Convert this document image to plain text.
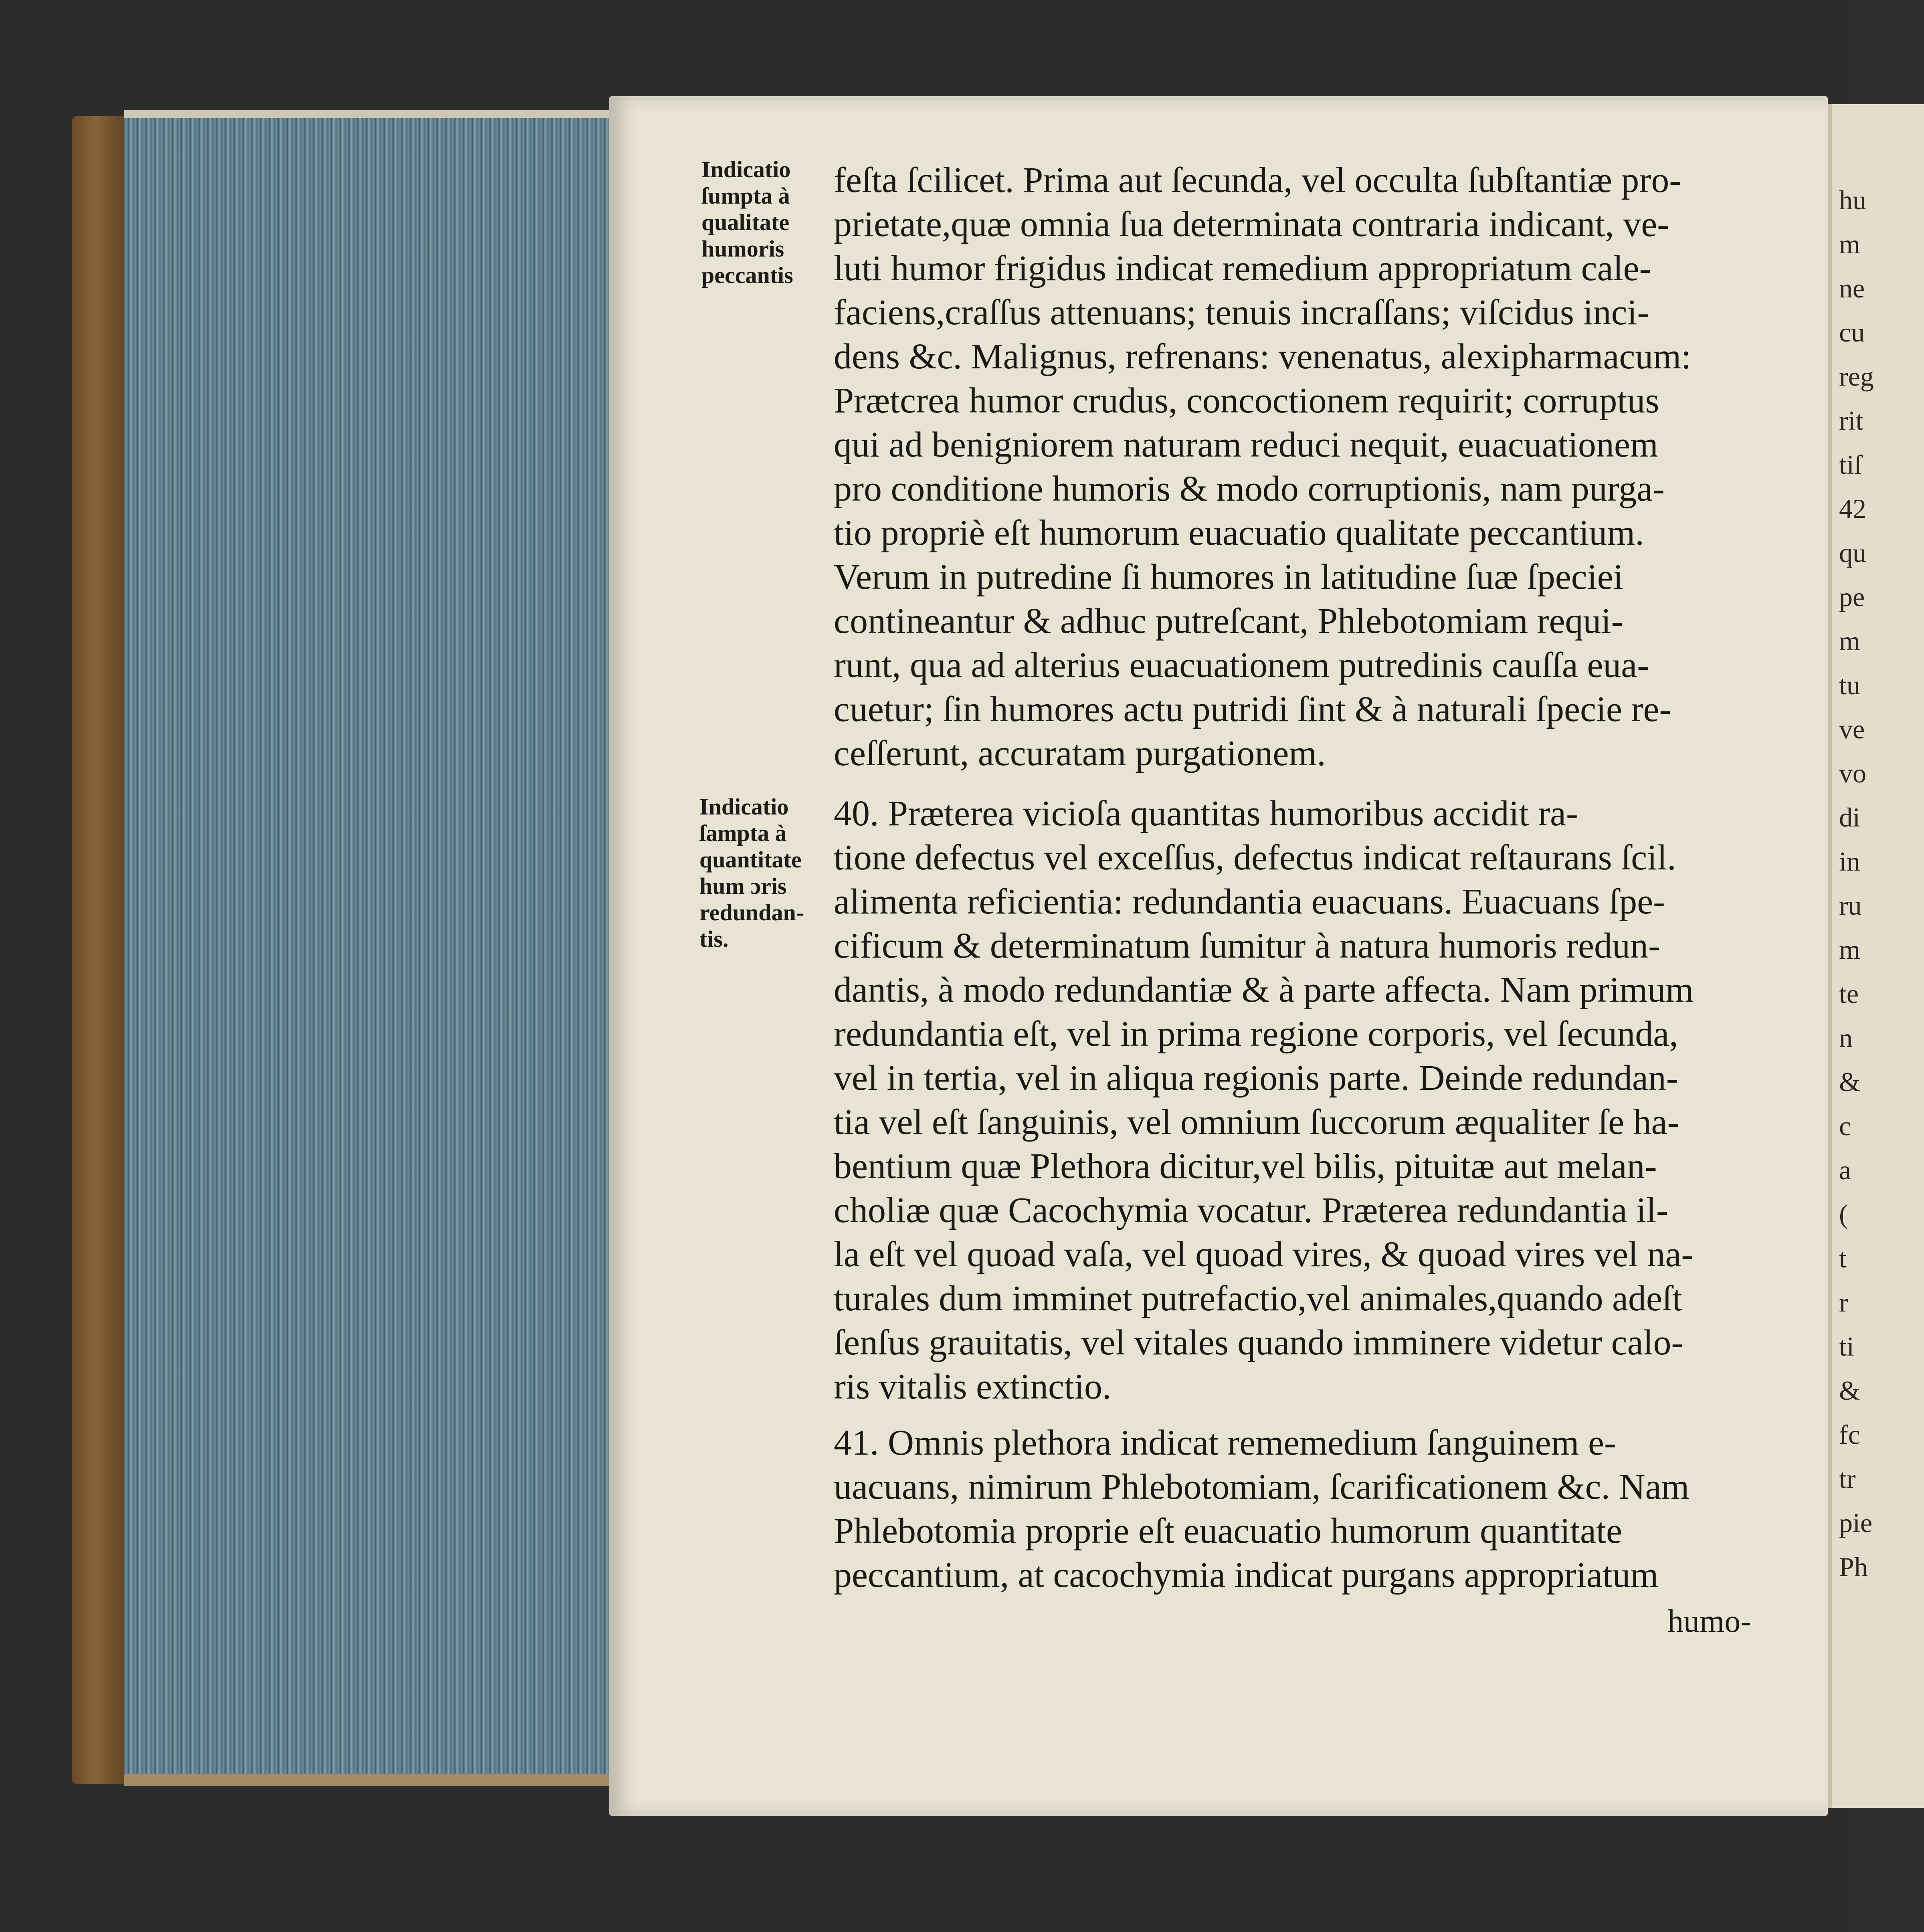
Indicatio
ſumpta à
qualitate
humoris
peccantis
Indicatio
ſampta à
quantitate
hum ɔris
redundan-
tis.
feſta ſcilicet. Prima aut ſecunda, vel occulta ſubſtantiæ pro-
prietate,quæ omnia ſua determinata contraria indicant, ve-
luti humor frigidus indicat remedium appropriatum cale-
faciens,craſſus attenuans; tenuis incraſſans; viſcidus inci-
dens &c. Malignus, refrenans: venenatus, alexipharmacum:
Prætcrea humor crudus, concoctionem requirit; corruptus
qui ad benigniorem naturam reduci nequit, euacuationem
pro conditione humoris & modo corruptionis, nam purga-
tio propriè eſt humorum euacuatio qualitate peccantium.
Verum in putredine ſi humores in latitudine ſuæ ſpeciei
contineantur & adhuc putreſcant, Phlebotomiam requi-
runt, qua ad alterius euacuationem putredinis cauſſa eua-
cuetur; ſin humores actu putridi ſint & à naturali ſpecie re-
ceſſerunt, accuratam purgationem.
40. Præterea vicioſa quantitas humoribus accidit ra-
tione defectus vel exceſſus, defectus indicat reſtaurans ſcil.
alimenta reficientia: redundantia euacuans. Euacuans ſpe-
cificum & determinatum ſumitur à natura humoris redun-
dantis, à modo redundantiæ & à parte affecta. Nam primum
redundantia eſt, vel in prima regione corporis, vel ſecunda,
vel in tertia, vel in aliqua regionis parte. Deinde redundan-
tia vel eſt ſanguinis, vel omnium ſuccorum æqualiter ſe ha-
bentium quæ Plethora dicitur,vel bilis, pituitæ aut melan-
choliæ quæ Cacochymia vocatur. Præterea redundantia il-
la eſt vel quoad vaſa, vel quoad vires, & quoad vires vel na-
turales dum imminet putrefactio,vel animales,quando adeſt
ſenſus grauitatis, vel vitales quando imminere videtur calo-
ris vitalis extinctio.
41. Omnis plethora indicat rememedium ſanguinem e-
uacuans, nimirum Phlebotomiam, ſcarificationem &c. Nam
Phlebotomia proprie eſt euacuatio humorum quantitate
peccantium, at cacochymia indicat purgans appropriatum
humo-
hu
m
ne
cu
reg
rit
tiſ
42
qu
pe
m
tu
ve
vo
di
in
ru
m
te
n
&
c
a
(
t
r
ti
&
fc
tr
pie
Ph
